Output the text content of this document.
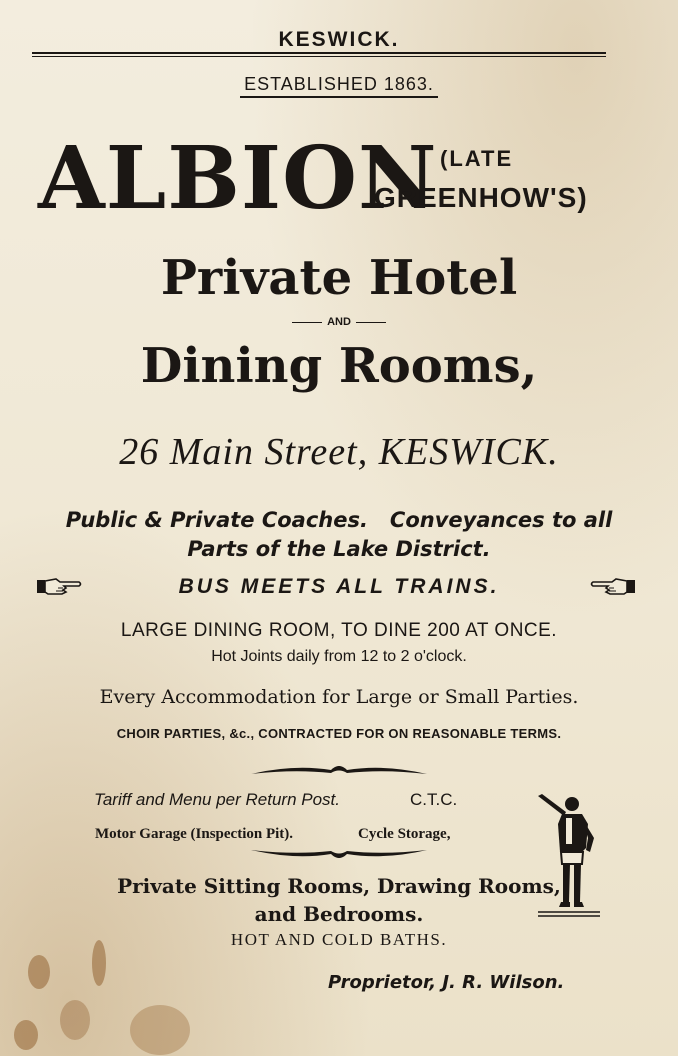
KESWICK.
ESTABLISHED 1863.
ALBION (LATE
GREENHOW'S)
Private Hotel
AND
Dining Rooms,
26 Main Street, KESWICK.
Public & Private Coaches.   Conveyances to all
Parts of the Lake District.
BUS MEETS ALL TRAINS.
LARGE DINING ROOM, TO DINE 200 AT ONCE.
Hot Joints daily from 12 to 2 o'clock.
Every Accommodation for Large or Small Parties.
CHOIR PARTIES, &c., CONTRACTED FOR ON REASONABLE TERMS.
Tariff and Menu per Return Post.	C.T.C.
Motor Garage (Inspection Pit).	Cycle Storage,
Private Sitting Rooms, Drawing Rooms,
and Bedrooms.
HOT AND COLD BATHS.
Proprietor, J. R. Wilson.
